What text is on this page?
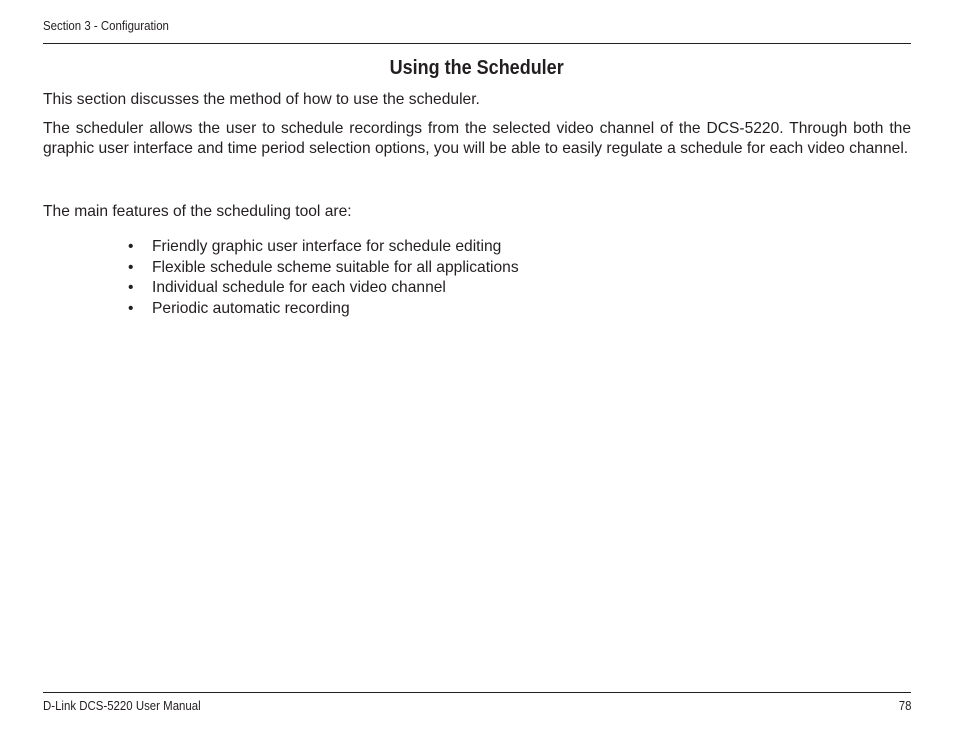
Section 3 - Configuration
Using the Scheduler

This section discusses the method of how to use the scheduler.

The scheduler allows the user to schedule recordings from the selected video channel of the DCS-5220. Through both the graphic user interface and time period selection options, you will be able to easily regulate a schedule for each video channel.

The main features of the scheduling tool are:

• Friendly graphic user interface for schedule editing
• Flexible schedule scheme suitable for all applications
• Individual schedule for each video channel
• Periodic automatic recording
D-Link DCS-5220 User Manual	78
